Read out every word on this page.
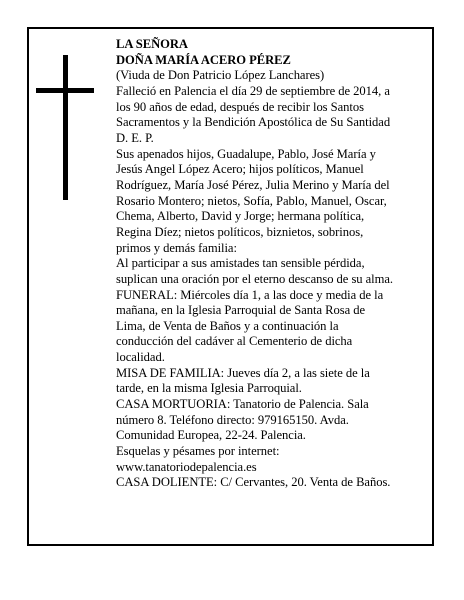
LA SEÑORA
DOÑA MARÍA ACERO PÉREZ
(Viuda de Don Patricio López Lanchares)
Falleció en Palencia el día 29 de septiembre de 2014, a
los 90 años de edad, después de recibir los Santos
Sacramentos y la Bendición Apostólica de Su Santidad
D. E. P.
Sus apenados hijos, Guadalupe, Pablo, José María y
Jesús Angel López Acero; hijos políticos, Manuel
Rodríguez, María José Pérez, Julia Merino y María del
Rosario Montero; nietos, Sofía, Pablo, Manuel, Oscar,
Chema, Alberto, David y Jorge; hermana política,
Regina Díez; nietos políticos, biznietos, sobrinos,
primos y demás familia:
Al participar a sus amistades tan sensible pérdida,
suplican una oración por el eterno descanso de su alma.
FUNERAL: Miércoles día 1, a las doce y media de la
mañana, en la Iglesia Parroquial de Santa Rosa de
Lima, de Venta de Baños y a continuación la
conducción del cadáver al Cementerio de dicha
localidad.
MISA DE FAMILIA: Jueves día 2, a las siete de la
tarde, en la misma Iglesia Parroquial.
CASA MORTUORIA: Tanatorio de Palencia. Sala
número 8. Teléfono directo: 979165150. Avda.
Comunidad Europea, 22-24. Palencia.
Esquelas y pésames por internet:
www.tanatoriodepalencia.es
CASA DOLIENTE: C/ Cervantes, 20. Venta de Baños.
